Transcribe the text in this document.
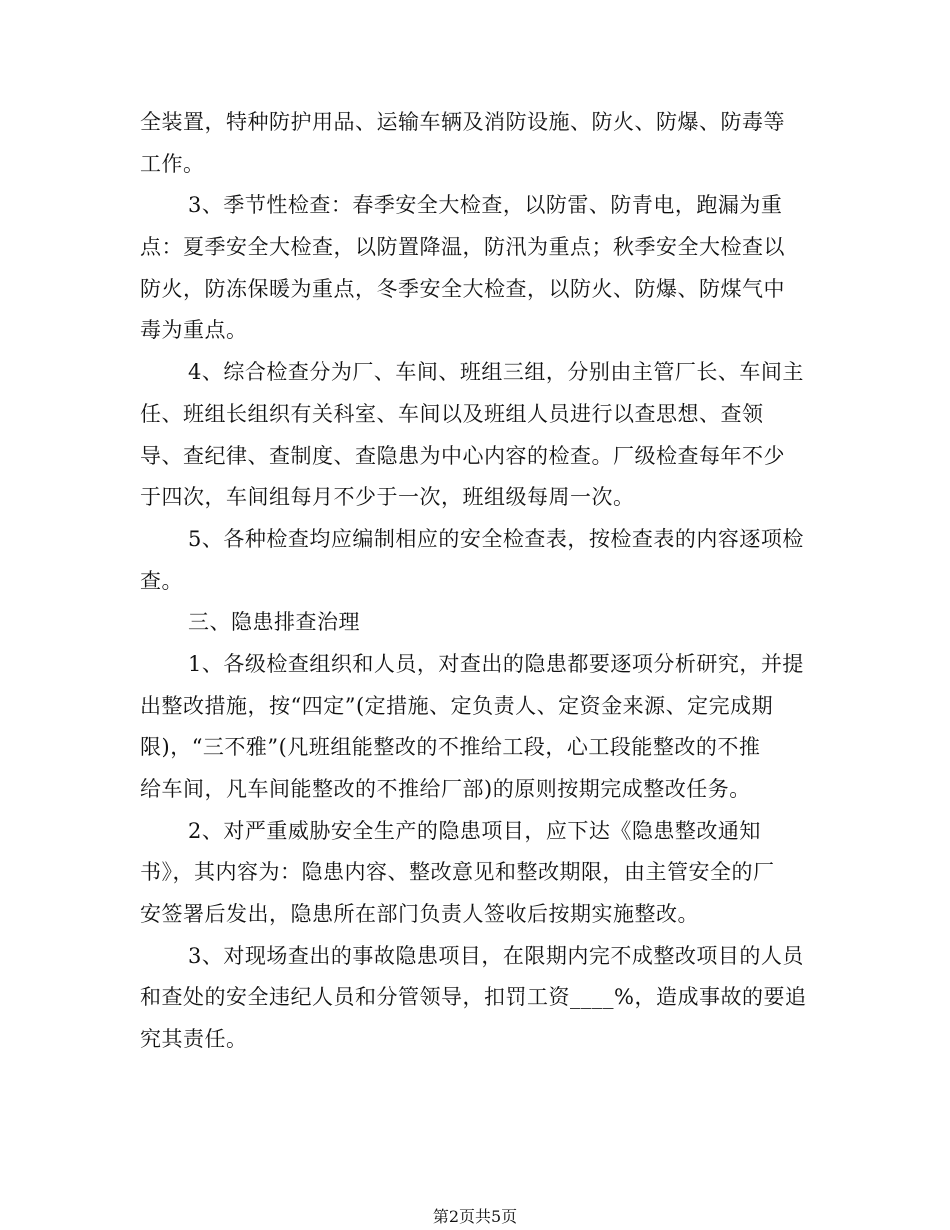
全装置，特种防护用品、运输车辆及消防设施、防火、防爆、防毒等
工作。
3、季节性检查：春季安全大检查，以防雷、防青电，跑漏为重
点：夏季安全大检查，以防置降温，防汛为重点；秋季安全大检查以
防火，防冻保暖为重点，冬季安全大检查，以防火、防爆、防煤气中
毒为重点。
4、综合检查分为厂、车间、班组三组，分别由主管厂长、车间主
任、班组长组织有关科室、车间以及班组人员进行以查思想、查领
导、查纪律、查制度、查隐患为中心内容的检查。厂级检查每年不少
于四次，车间组每月不少于一次，班组级每周一次。
5、各种检查均应编制相应的安全检查表，按检查表的内容逐项检
查。
三、隐患排查治理
1、各级检查组织和人员，对查出的隐患都要逐项分析研究，并提
出整改措施，按“四定”(定措施、定负责人、定资金来源、定完成期
限)，“三不雅”(凡班组能整改的不推给工段，心工段能整改的不推
给车间，凡车间能整改的不推给厂部)的原则按期完成整改任务。
2、对严重威胁安全生产的隐患项目，应下达《隐患整改通知
书》，其内容为：隐患内容、整改意见和整改期限，由主管安全的厂
安签署后发出，隐患所在部门负责人签收后按期实施整改。
3、对现场查出的事故隐患项目，在限期内完不成整改项目的人员
和查处的安全违纪人员和分管领导，扣罚工资____%，造成事故的要追
究其责任。
第2页共5页
